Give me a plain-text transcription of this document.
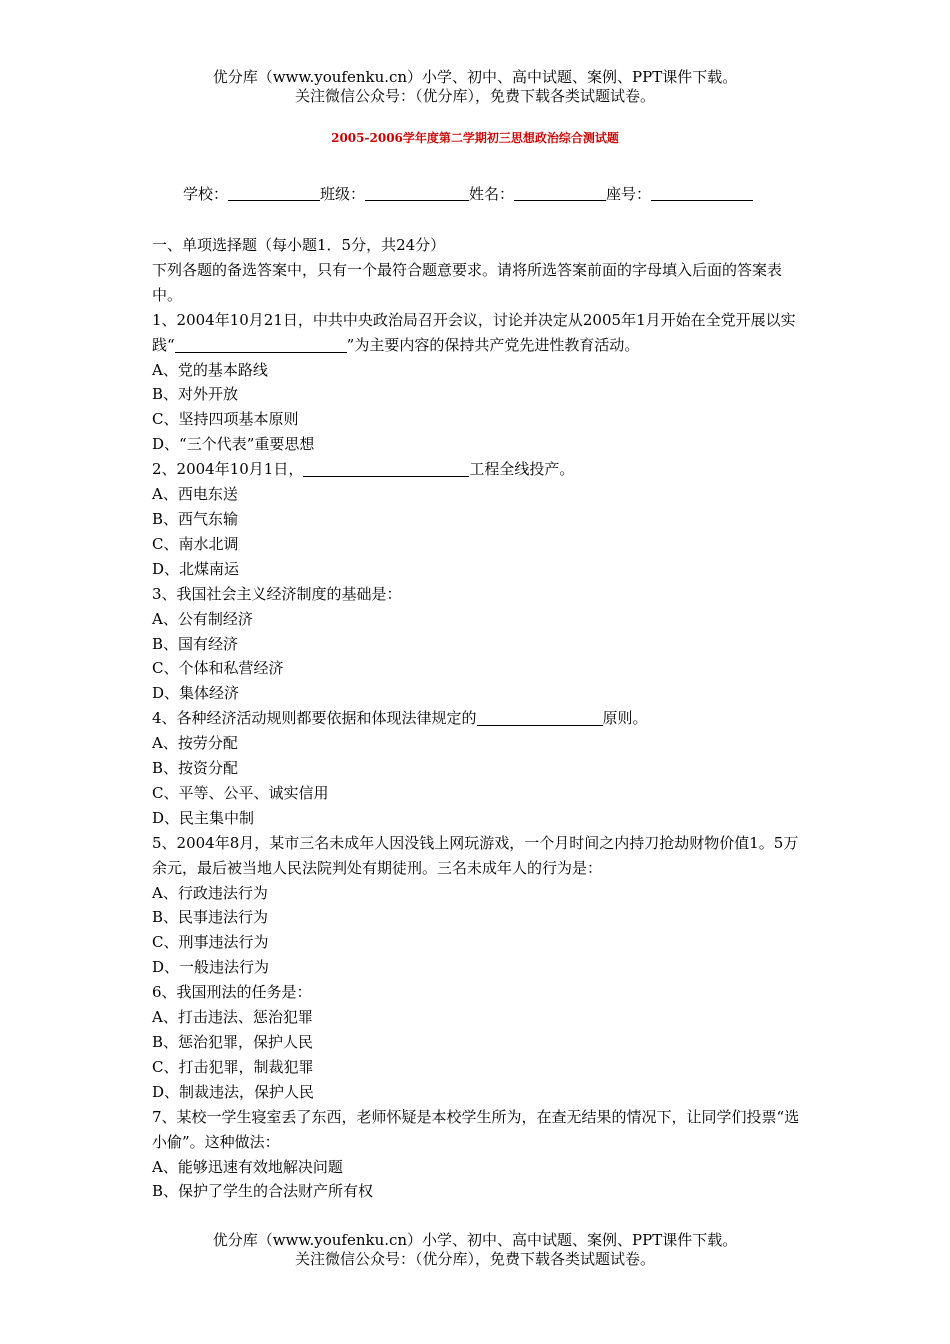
优分库（www.youfenku.cn）小学、初中、高中试题、案例、PPT课件下载。
关注微信公众号：（优分库），免费下载各类试题试卷。
2005-2006学年度第二学期初三思想政治综合测试题
学校：	班级：	姓名：	座号：

一、单项选择题（每小题1．5分，共24分）

下列各题的备选答案中，只有一个最符合题意要求。请将所选答案前面的字母填入后面的答案表中。

1、2004年10月21日，中共中央政治局召开会议，讨论并决定从2005年1月开始在全党开展以实践“	”为主要内容的保持共产党先进性教育活动。

A、党的基本路线

B、对外开放

C、坚持四项基本原则

D、“三个代表”重要思想

2、2004年10月1日，	工程全线投产。

A、西电东送

B、西气东输

C、南水北调

D、北煤南运

3、我国社会主义经济制度的基础是：

A、公有制经济

B、国有经济

C、个体和私营经济

D、集体经济

4、各种经济活动规则都要依据和体现法律规定的	原则。

A、按劳分配

B、按资分配

C、平等、公平、诚实信用

D、民主集中制

5、2004年8月，某市三名未成年人因没钱上网玩游戏，一个月时间之内持刀抢劫财物价值1。5万余元，最后被当地人民法院判处有期徒刑。三名未成年人的行为是：

A、行政违法行为

B、民事违法行为

C、刑事违法行为

D、一般违法行为

6、我国刑法的任务是：

A、打击违法、惩治犯罪

B、惩治犯罪，保护人民

C、打击犯罪，制裁犯罪

D、制裁违法，保护人民

7、某校一学生寝室丢了东西，老师怀疑是本校学生所为，在查无结果的情况下，让同学们投票“选小偷”。这种做法：

A、能够迅速有效地解决问题

B、保护了学生的合法财产所有权

优分库（www.youfenku.cn）小学、初中、高中试题、案例、PPT课件下载。
关注微信公众号：（优分库），免费下载各类试题试卷。
